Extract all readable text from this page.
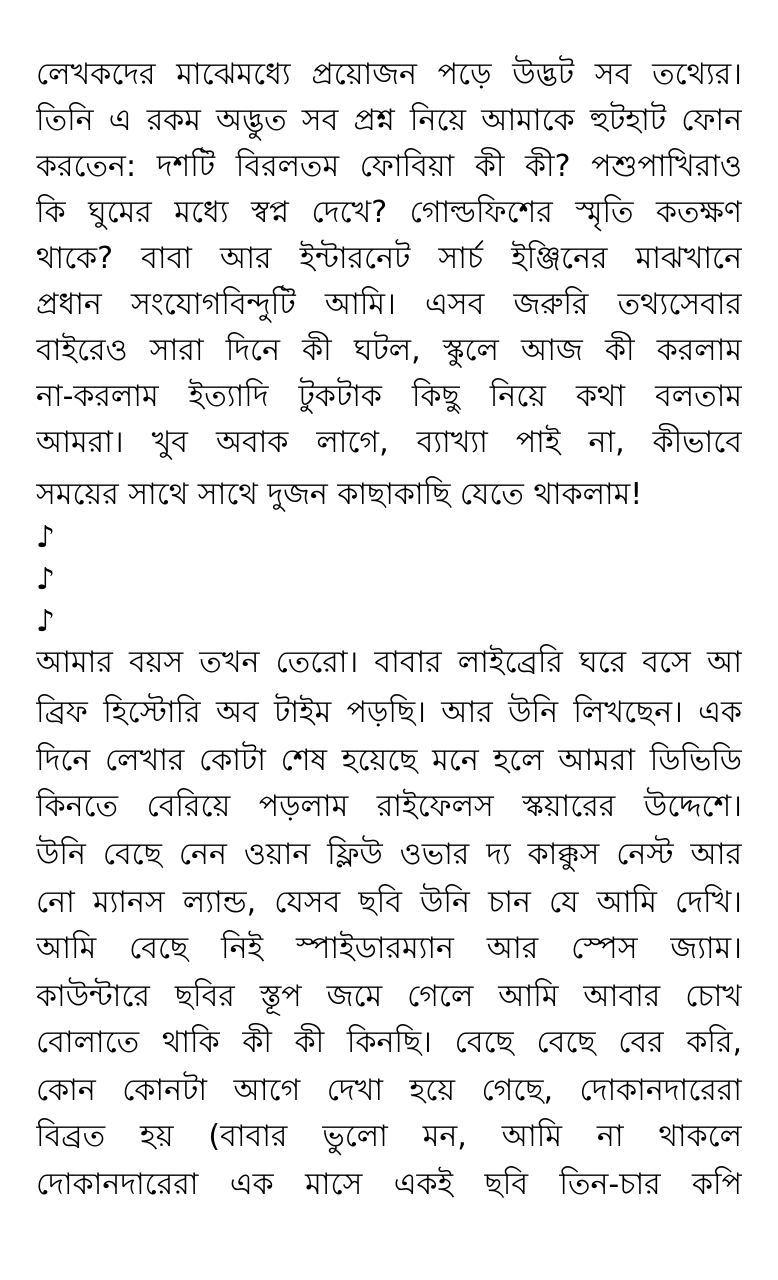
লেখকদের মাঝেমধ্যে প্রয়োজন পড়ে উদ্ভট সব তথ্যের।
তিনি এ রকম অদ্ভুত সব প্রশ্ন নিয়ে আমাকে হুটহাট ফোন
করতেন: দশটি বিরলতম ফোবিয়া কী কী? পশুপাখিরাও
কি ঘুমের মধ্যে স্বপ্ন দেখে? গোল্ডফিশের স্মৃতি কতক্ষণ
থাকে? বাবা আর ইন্টারনেট সার্চ ইঞ্জিনের মাঝখানে
প্রধান সংযোগবিন্দুটি আমি। এসব জরুরি তথ্যসেবার
বাইরেও সারা দিনে কী ঘটল, স্কুলে আজ কী করলাম
না-করলাম ইত্যাদি টুকটাক কিছু নিয়ে কথা বলতাম
আমরা। খুব অবাক লাগে, ব্যাখ্যা পাই না, কীভাবে
সময়ের সাথে সাথে দুজন কাছাকাছি যেতে থাকলাম!
♪
♪
♪
আমার বয়স তখন তেরো। বাবার লাইব্রেরি ঘরে বসে আ
ব্রিফ হিস্টোরি অব টাইম পড়ছি। আর উনি লিখছেন। এক
দিনে লেখার কোটা শেষ হয়েছে মনে হলে আমরা ডিভিডি
কিনতে বেরিয়ে পড়লাম রাইফেলস স্কয়ারের উদ্দেশে।
উনি বেছে নেন ওয়ান ফ্লিউ ওভার দ্য কাক্কুস নেস্ট আর
নো ম্যানস ল্যান্ড, যেসব ছবি উনি চান যে আমি দেখি।
আমি বেছে নিই স্পাইডারম্যান আর স্পেস জ্যাম।
কাউন্টারে ছবির স্তূপ জমে গেলে আমি আবার চোখ
বোলাতে থাকি কী কী কিনছি। বেছে বেছে বের করি,
কোন কোনটা আগে দেখা হয়ে গেছে, দোকানদারেরা
বিব্রত হয় (বাবার ভুলো মন, আমি না থাকলে
দোকানদারেরা এক মাসে একই ছবি তিন-চার কপি
